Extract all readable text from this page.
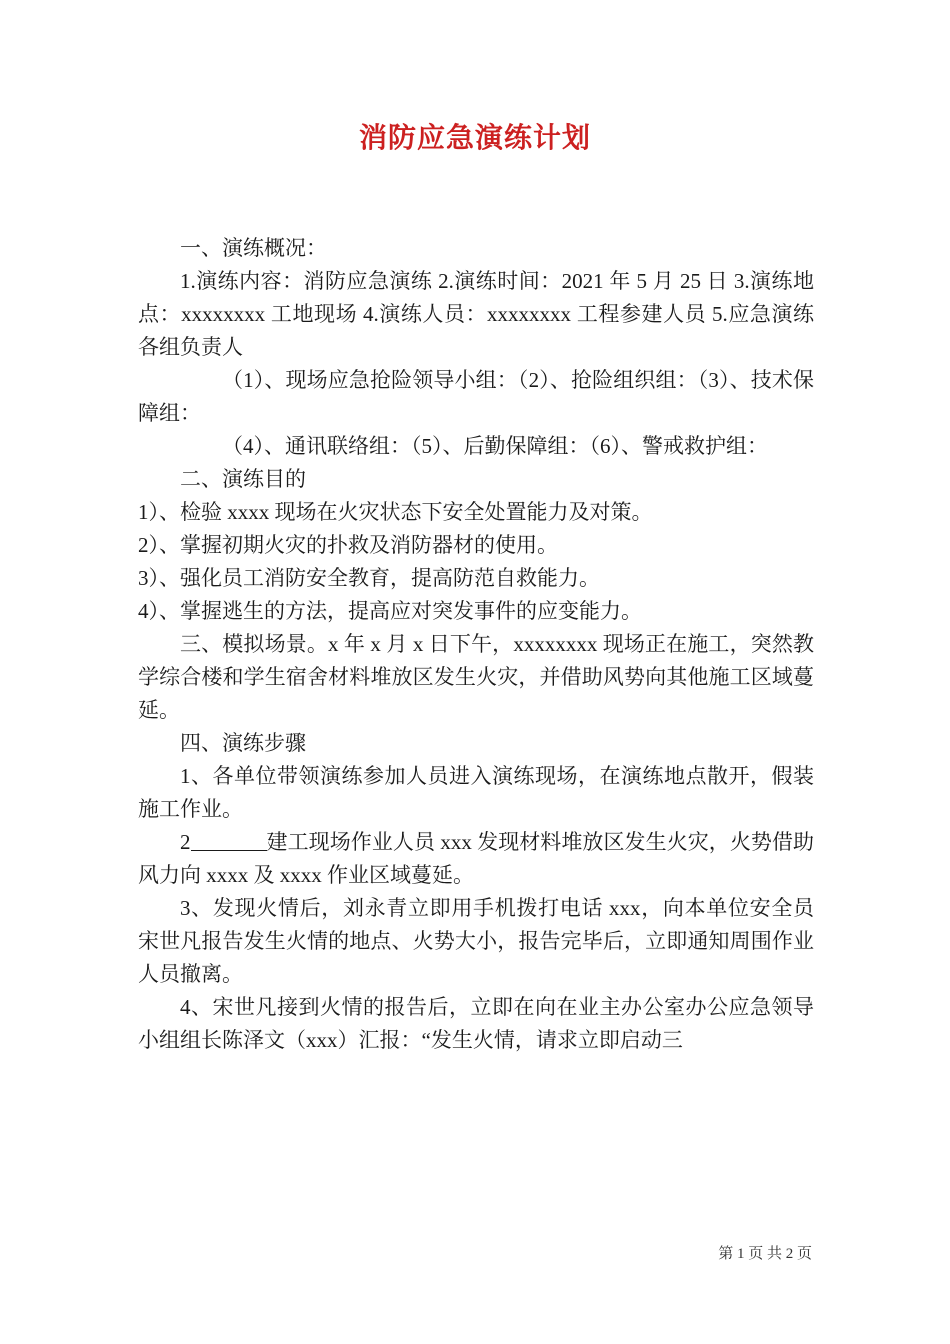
消防应急演练计划

一、演练概况：

1.演练内容：消防应急演练 2.演练时间：2021 年 5 月 25 日 3.演练地点：xxxxxxxx 工地现场 4.演练人员：xxxxxxxx 工程参建人员 5.应急演练各组负责人

（1）、现场应急抢险领导小组：（2）、抢险组织组：（3）、技术保障组：

（4）、通讯联络组：（5）、后勤保障组：（6）、警戒救护组：

二、演练目的

1）、检验 xxxx 现场在火灾状态下安全处置能力及对策。

2）、掌握初期火灾的扑救及消防器材的使用。

3）、强化员工消防安全教育，提高防范自救能力。

4）、掌握逃生的方法，提高应对突发事件的应变能力。

三、模拟场景。x 年 x 月 x 日下午，xxxxxxxx 现场正在施工，突然教学综合楼和学生宿舍材料堆放区发生火灾，并借助风势向其他施工区域蔓延。

四、演练步骤

1、各单位带领演练参加人员进入演练现场，在演练地点散开，假装施工作业。

2	建工现场作业人员 xxx 发现材料堆放区发生火灾，火势借助风力向 xxxx 及 xxxx 作业区域蔓延。

3、发现火情后，刘永青立即用手机拨打电话 xxx，向本单位安全员宋世凡报告发生火情的地点、火势大小，报告完毕后，立即通知周围作业人员撤离。

4、宋世凡接到火情的报告后，立即在向在业主办公室办公应急领导小组组长陈泽文（xxx）汇报：“发生火情，请求立即启动三

第 1 页 共 2 页
